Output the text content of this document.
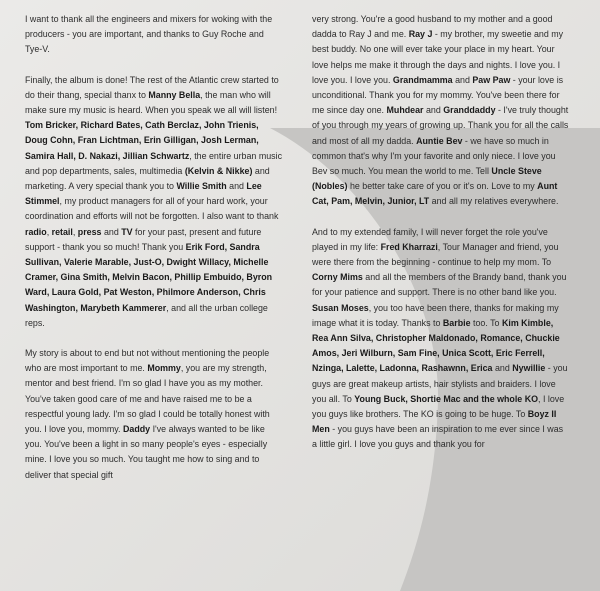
I want to thank all the engineers and mixers for woking with the producers - you are important, and thanks to Guy Roche and Tye-V.

Finally, the album is done! The rest of the Atlantic crew started to do their thang, special thanx to Manny Bella, the man who will make sure my music is heard. When you speak we all will listen! Tom Bricker, Richard Bates, Cath Berclaz, John Trienis, Doug Cohn, Fran Lichtman, Erin Gilligan, Josh Lerman, Samira Hall, D. Nakazi, Jillian Schwartz, the entire urban music and pop departments, sales, multimedia (Kelvin & Nikke) and marketing. A very special thank you to Willie Smith and Lee Stimmel, my product managers for all of your hard work, your coordination and efforts will not be forgotten. I also want to thank radio, retail, press and TV for your past, present and future support - thank you so much! Thank you Erik Ford, Sandra Sullivan, Valerie Marable, Just-O, Dwight Willacy, Michelle Cramer, Gina Smith, Melvin Bacon, Phillip Embuido, Byron Ward, Laura Gold, Pat Weston, Philmore Anderson, Chris Washington, Marybeth Kammerer, and all the urban college reps.

My story is about to end but not without mentioning the people who are most important to me. Mommy, you are my strength, mentor and best friend. I'm so glad I have you as my mother. You've taken good care of me and have raised me to be a respectful young lady. I'm so glad I could be totally honest with you. I love you, mommy. Daddy I've always wanted to be like you. You've been a light in so many people's eyes - especially mine. I love you so much. You taught me how to sing and to deliver that special gift

very strong. You're a good husband to my mother and a good dadda to Ray J and me. Ray J - my brother, my sweetie and my best buddy. No one will ever take your place in my heart. Your love helps me make it through the days and nights. I love you. I love you. I love you. Grandmamma and Paw Paw - your love is unconditional. Thank you for my mommy. You've been there for me since day one. Muhdear and Granddaddy - I've truly thought of you through my years of growing up. Thank you for all the calls and most of all my dadda. Auntie Bev - we have so much in common that's why I'm your favorite and only niece. I love you Bev so much. You mean the world to me. Tell Uncle Steve (Nobles) he better take care of you or it's on. Love to my Aunt Cat, Pam, Melvin, Junior, LT and all my relatives everywhere.

And to my extended family, I will never forget the role you've played in my life: Fred Kharrazi, Tour Manager and friend, you were there from the beginning - continue to help my mom. To Corny Mims and all the members of the Brandy band, thank you for your patience and support. There is no other band like you. Susan Moses, you too have been there, thanks for making my image what it is today. Thanks to Barbie too. To Kim Kimble, Rea Ann Silva, Christopher Maldonado, Romance, Chuckie Amos, Jeri Wilburn, Sam Fine, Unica Scott, Eric Ferrell, Nzinga, Lalette, Ladonna, Rashawnn, Erica and Nywillie - you guys are great makeup artists, hair stylists and braiders. I love you all. To Young Buck, Shortie Mac and the whole KO, I love you guys like brothers. The KO is going to be huge. To Boyz II Men - you guys have been an inspiration to me ever since I was a little girl. I love you guys and thank you for
